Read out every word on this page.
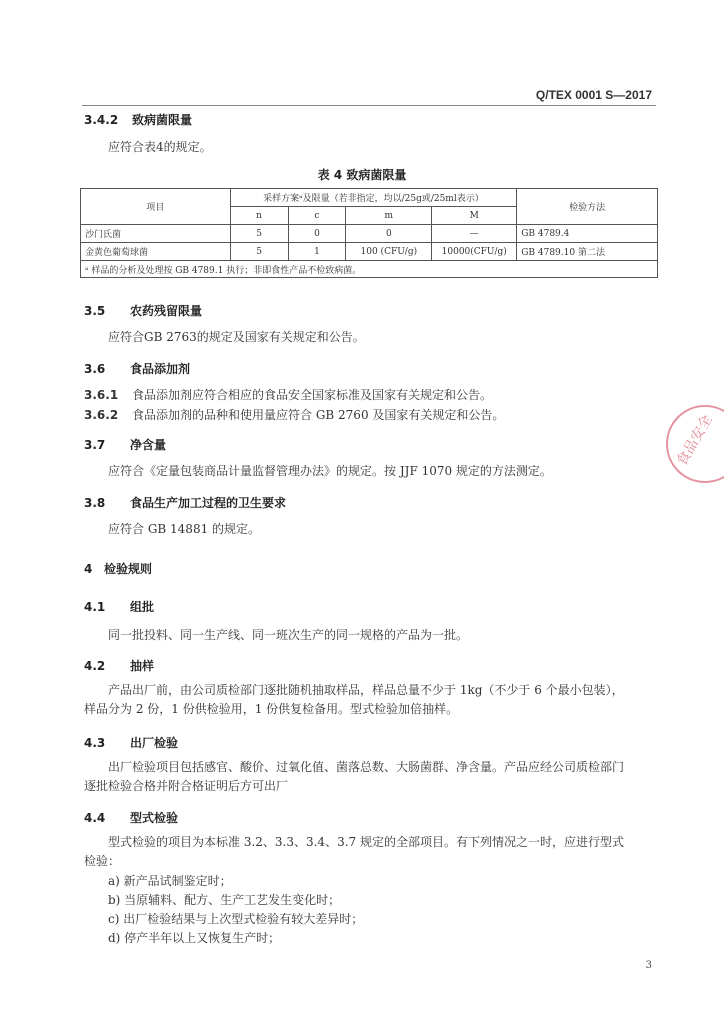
Q/TEX 0001 S—2017
3.4.2 致病菌限量
应符合表4的规定。
表 4 致病菌限量
项目	采样方案ᵃ及限量（若非指定，均以/25g或/25ml表示）				检验方法
	n	c	m	M	
沙门氏菌	5	0	0	—	GB 4789.4
金黄色葡萄球菌	5	1	100 (CFU/g)	10000(CFU/g)	GB 4789.10 第二法
ᵃ 样品的分析及处理按 GB 4789.1 执行；非即食性产品不检致病菌。					
3.5 农药残留限量
应符合GB 2763的规定及国家有关规定和公告。
3.6 食品添加剂
3.6.1 食品添加剂应符合相应的食品安全国家标准及国家有关规定和公告。
3.6.2 食品添加剂的品种和使用量应符合 GB 2760 及国家有关规定和公告。
3.7 净含量
应符合《定量包装商品计量监督管理办法》的规定。按 JJF 1070 规定的方法测定。
3.8 食品生产加工过程的卫生要求
应符合 GB 14881 的规定。
4 检验规则
4.1 组批
同一批投料、同一生产线、同一班次生产的同一规格的产品为一批。
4.2 抽样
产品出厂前，由公司质检部门逐批随机抽取样品，样品总量不少于 1kg（不少于 6 个最小包装），
样品分为 2 份，1 份供检验用，1 份供复检备用。型式检验加倍抽样。
4.3 出厂检验
出厂检验项目包括感官、酸价、过氧化值、菌落总数、大肠菌群、净含量。产品应经公司质检部门
逐批检验合格并附合格证明后方可出厂
4.4 型式检验
型式检验的项目为本标准 3.2、3.3、3.4、3.7 规定的全部项目。有下列情况之一时，应进行型式
检验：
a) 新产品试制鉴定时；
b) 当原辅料、配方、生产工艺发生变化时；
c) 出厂检验结果与上次型式检验有较大差异时；
d) 停产半年以上又恢复生产时；
食品安全
3
